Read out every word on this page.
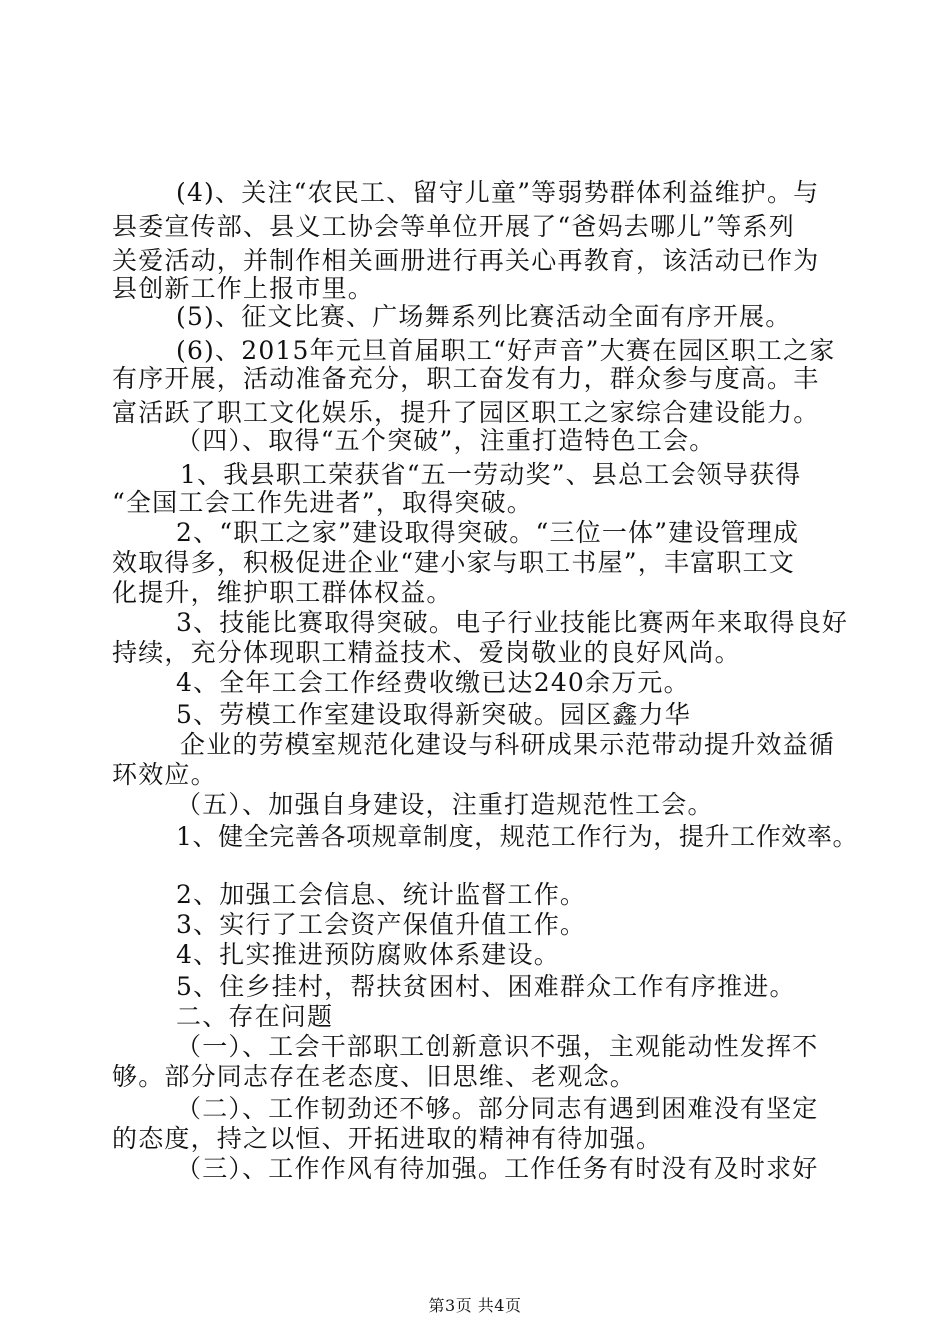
(4)、关注“农民工、留守儿童”等弱势群体利益维护。与
县委宣传部、县义工协会等单位开展了“爸妈去哪儿”等系列
关爱活动，并制作相关画册进行再关心再教育，该活动已作为
县创新工作上报市里。
(5)、征文比赛、广场舞系列比赛活动全面有序开展。
(6)、2015年元旦首届职工“好声音”大赛在园区职工之家
有序开展，活动准备充分，职工奋发有力，群众参与度高。丰
富活跃了职工文化娱乐，提升了园区职工之家综合建设能力。
（四）、取得“五个突破”，注重打造特色工会。
1、我县职工荣获省“五一劳动奖”、县总工会领导获得
“全国工会工作先进者”，取得突破。
2、“职工之家”建设取得突破。“三位一体”建设管理成
效取得多，积极促进企业“建小家与职工书屋”，丰富职工文
化提升，维护职工群体权益。
3、技能比赛取得突破。电子行业技能比赛两年来取得良好
持续，充分体现职工精益技术、爱岗敬业的良好风尚。
4、全年工会工作经费收缴已达240余万元。
5、劳模工作室建设取得新突破。园区鑫力华
企业的劳模室规范化建设与科研成果示范带动提升效益循
环效应。
（五）、加强自身建设，注重打造规范性工会。
1、健全完善各项规章制度，规范工作行为，提升工作效率。
2、加强工会信息、统计监督工作。
3、实行了工会资产保值升值工作。
4、扎实推进预防腐败体系建设。
5、住乡挂村，帮扶贫困村、困难群众工作有序推进。
二、存在问题
（一）、工会干部职工创新意识不强，主观能动性发挥不
够。部分同志存在老态度、旧思维、老观念。
（二）、工作韧劲还不够。部分同志有遇到困难没有坚定
的态度，持之以恒、开拓进取的精神有待加强。
（三）、工作作风有待加强。工作任务有时没有及时求好
第3页 共4页
